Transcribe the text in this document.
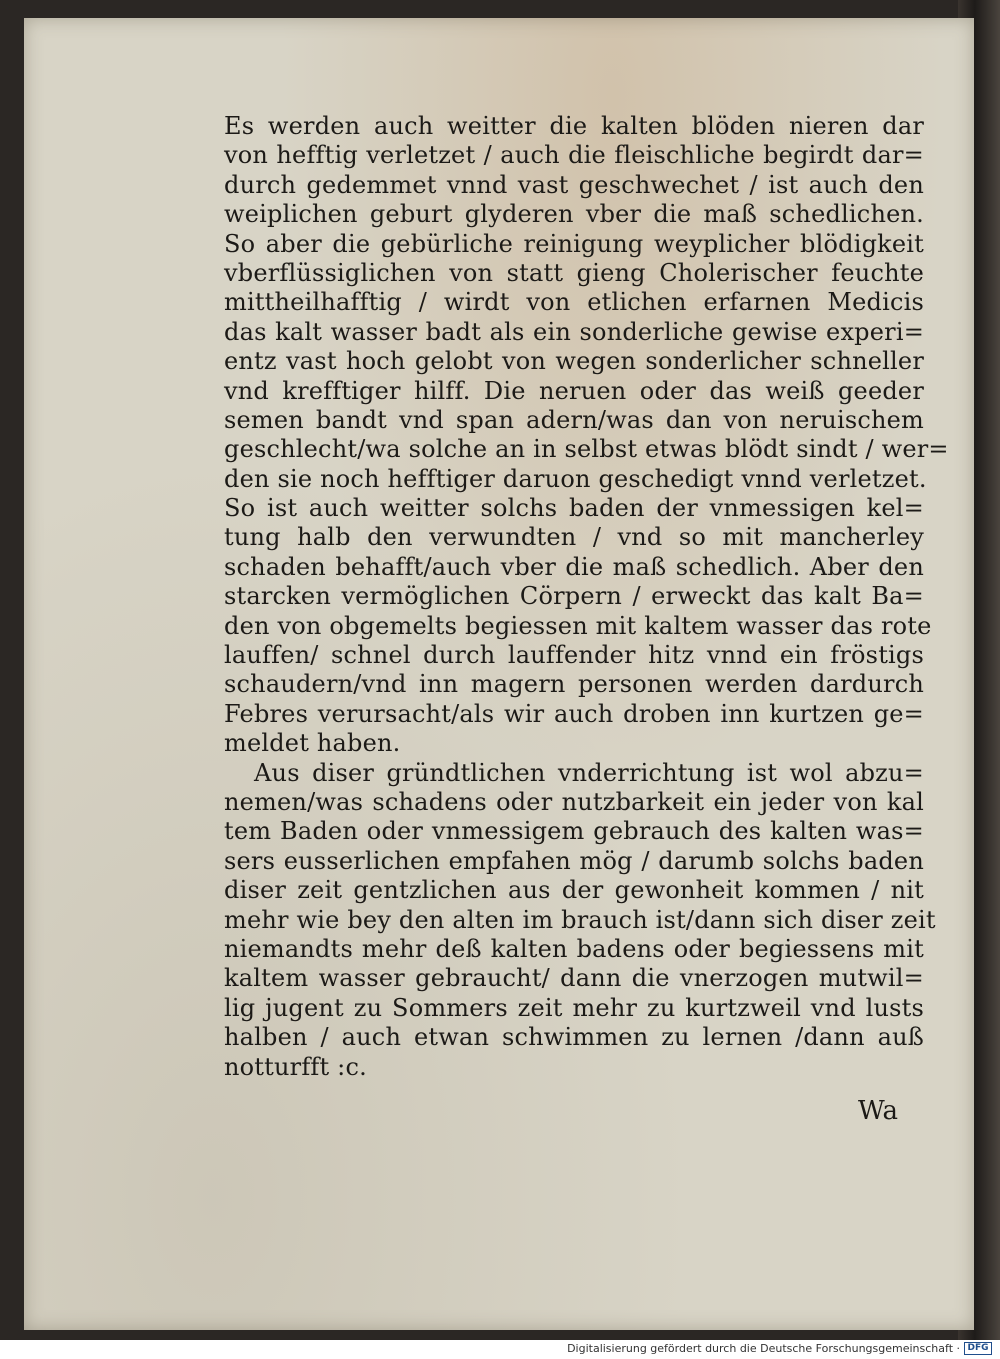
Es werden auch weitter die kalten blöden nieren dar
von hefftig verletzet / auch die fleischliche begirdt dar=
durch gedemmet vnnd vast geschwechet / ist auch den
weiplichen geburt glyderen vber die maß schedlichen.
So aber die gebürliche reinigung weyplicher blödigkeit
vberflüssiglichen von statt gieng Cholerischer feuchte
mittheilhafftig / wirdt von etlichen erfarnen Medicis
das kalt wasser badt als ein sonderliche gewise experi=
entz vast hoch gelobt von wegen sonderlicher schneller
vnd krefftiger hilff. Die neruen oder das weiß geeder
semen bandt vnd span adern/was dan von neruischem
geschlecht/wa solche an in selbst etwas blödt sindt / wer=
den sie noch hefftiger daruon geschedigt vnnd verletzet.
So ist auch weitter solchs baden der vnmessigen kel=
tung halb den verwundten / vnd so mit mancherley
schaden behafft/auch vber die maß schedlich. Aber den
starcken vermöglichen Cörpern / erweckt das kalt Ba=
den von obgemelts begiessen mit kaltem wasser das rote
lauffen/ schnel durch lauffender hitz vnnd ein fröstigs
schaudern/vnd inn magern personen werden dardurch
Febres verursacht/als wir auch droben inn kurtzen ge=
meldet haben.
Aus diser gründtlichen vnderrichtung ist wol abzu=
nemen/was schadens oder nutzbarkeit ein jeder von kal
tem Baden oder vnmessigem gebrauch des kalten was=
sers eusserlichen empfahen mög / darumb solchs baden
diser zeit gentzlichen aus der gewonheit kommen / nit
mehr wie bey den alten im brauch ist/dann sich diser zeit
niemandts mehr deß kalten badens oder begiessens mit
kaltem wasser gebraucht/ dann die vnerzogen mutwil=
lig jugent zu Sommers zeit mehr zu kurtzweil vnd lusts
halben / auch etwan schwimmen zu lernen /dann auß
notturfft :c.
Wa
Digitalisierung gefördert durch die Deutsche Forschungsgemeinschaft · DFG
